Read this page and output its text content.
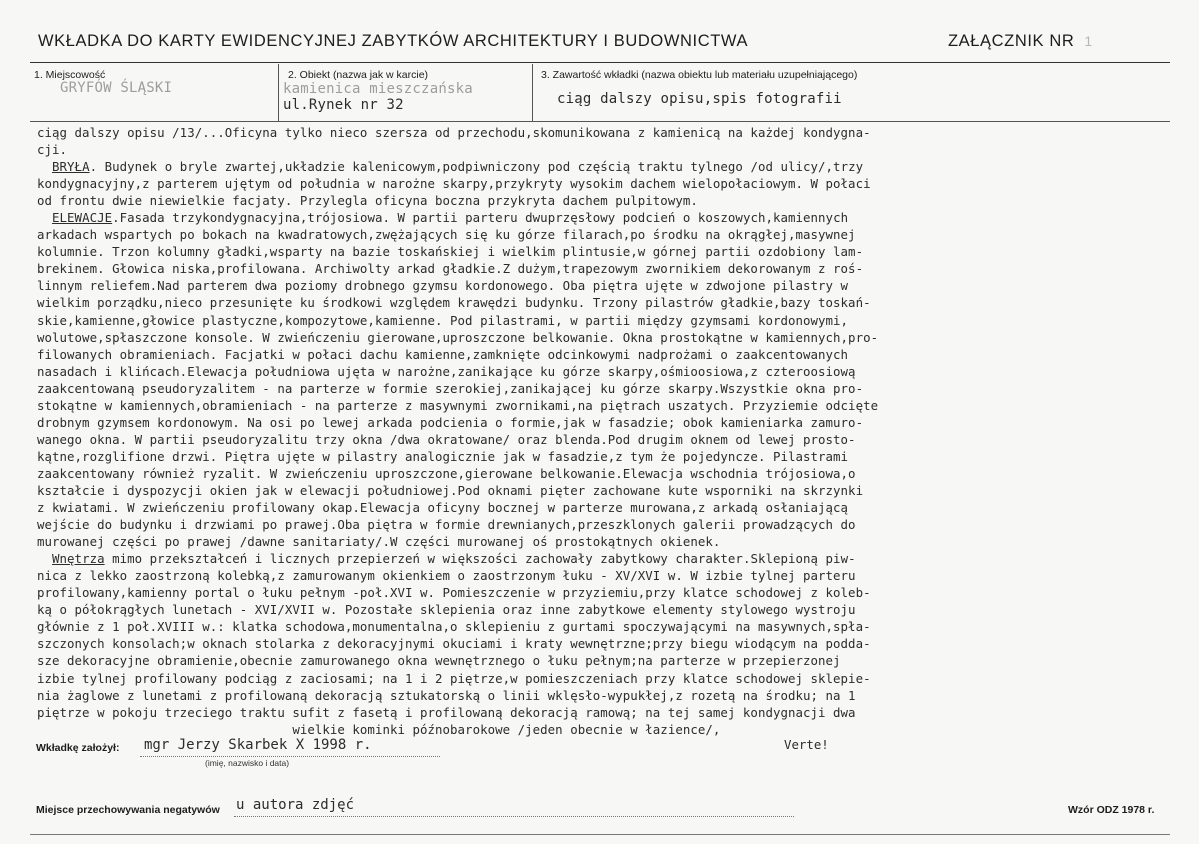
WKŁADKA DO KARTY EWIDENCYJNEJ ZABYTKÓW ARCHITEKTURY I BUDOWNICTWA	ZAŁĄCZNIK NR 1
1. Miejscowość
GRYFÓW ŚLĄSKI
2. Obiekt (nazwa jak w karcie)
kamienica mieszczańska
ul.Rynek nr 32
3. Zawartość wkładki (nazwa obiektu lub materiału uzupełniającego)
ciąg dalszy opisu,spis fotografii
ciąg dalszy opisu /13/...Oficyna tylko nieco szersza od przechodu,skomunikowana z kamienicą na każdej kondygna-
cji.
BRYŁA. Budynek o bryle zwartej,układzie kalenicowym,podpiwniczony pod częścią traktu tylnego /od ulicy/,trzy
kondygnacyjny,z parterem ujętym od południa w narożne skarpy,przykryty wysokim dachem wielopołaciowym. W połaci
od frontu dwie niewielkie facjaty. Przylegla oficyna boczna przykryta dachem pulpitowym.
ELEWACJE.Fasada trzykondygnacyjna,trójosiowa. W partii parteru dwuprzęsłowy podcień o koszowych,kamiennych
arkadach wspartych po bokach na kwadratowych,zwężających się ku górze filarach,po środku na okrągłej,masywnej
kolumnie. Trzon kolumny gładki,wsparty na bazie toskańskiej i wielkim plintusie,w górnej partii ozdobiony lam-
brekinem. Głowica niska,profilowana. Archiwolty arkad gładkie.Z dużym,trapezowym zwornikiem dekorowanym z roś-
linnym reliefem.Nad parterem dwa poziomy drobnego gzymsu kordonowego. Oba piętra ujęte w zdwojone pilastry w
wielkim porządku,nieco przesunięte ku środkowi względem krawędzi budynku. Trzony pilastrów gładkie,bazy toskań-
skie,kamienne,głowice plastyczne,kompozytowe,kamienne. Pod pilastrami, w partii między gzymsami kordonowymi,
wolutowe,spłaszczone konsole. W zwieńczeniu gierowane,uproszczone belkowanie. Okna prostokątne w kamiennych,pro-
filowanych obramieniach. Facjatki w połaci dachu kamienne,zamknięte odcinkowymi nadprożami o zaakcentowanych
nasadach i klińcach.Elewacja południowa ujęta w narożne,zanikające ku górze skarpy,ośmioosiowa,z czteroosiową
zaakcentowaną pseudoryzalitem - na parterze w formie szerokiej,zanikającej ku górze skarpy.Wszystkie okna pro-
stokątne w kamiennych,obramieniach - na parterze z masywnymi zwornikami,na piętrach uszatych. Przyziemie odcięte
drobnym gzymsem kordonowym. Na osi po lewej arkada podcienia o formie,jak w fasadzie; obok kamieniarka zamuro-
wanego okna. W partii pseudoryzalitu trzy okna /dwa okratowane/ oraz blenda.Pod drugim oknem od lewej prosto-
kątne,rozglifione drzwi. Piętra ujęte w pilastry analogicznie jak w fasadzie,z tym że pojedyncze. Pilastrami
zaakcentowany również ryzalit. W zwieńczeniu uproszczone,gierowane belkowanie.Elewacja wschodnia trójosiowa,o
kształcie i dyspozycji okien jak w elewacji południowej.Pod oknami pięter zachowane kute wsporniki na skrzynki
z kwiatami. W zwieńczeniu profilowany okap.Elewacja oficyny bocznej w parterze murowana,z arkadą osłaniającą
wejście do budynku i drzwiami po prawej.Oba piętra w formie drewnianych,przeszklonych galerii prowadzących do
murowanej części po prawej /dawne sanitariaty/.W części murowanej oś prostokątnych okienek.
Wnętrza mimo przekształceń i licznych przepierzeń w większości zachowały zabytkowy charakter.Sklepioną piw-
nica z lekko zaostrzoną kolebką,z zamurowanym okienkiem o zaostrzonym łuku - XV/XVI w. W izbie tylnej parteru
profilowany,kamienny portal o łuku pełnym -poł.XVI w. Pomieszczenie w przyziemiu,przy klatce schodowej z koleb-
ką o półokrągłych lunetach - XVI/XVII w. Pozostałe sklepienia oraz inne zabytkowe elementy stylowego wystroju
głównie z 1 poł.XVIII w.: klatka schodowa,monumentalna,o sklepieniu z gurtami spoczywającymi na masywnych,spła-
szczonych konsolach;w oknach stolarka z dekoracyjnymi okuciami i kraty wewnętrzne;przy biegu wiodącym na podda-
sze dekoracyjne obramienie,obecnie zamurowanego okna wewnętrznego o łuku pełnym;na parterze w przepierzonej
izbie tylnej profilowany podciąg z zaciosami; na 1 i 2 piętrze,w pomieszczeniach przy klatce schodowej sklepie-
nia żaglowe z lunetami z profilowaną dekoracją sztukatorską o linii wklęsło-wypukłej,z rozetą na środku; na 1
piętrze w pokoju trzeciego traktu sufit z fasetą i profilowaną dekoracją ramową; na tej samej kondygnacji dwa
wielkie kominki późnobarokowe /jeden obecnie w łazience/,
Verte!
Wkładkę założył: mgr Jerzy Skarbek X 1998 r.
(imię, nazwisko i data)
Miejsce przechowywania negatywów u autora zdjęć	Wzór ODZ 1978 r.
